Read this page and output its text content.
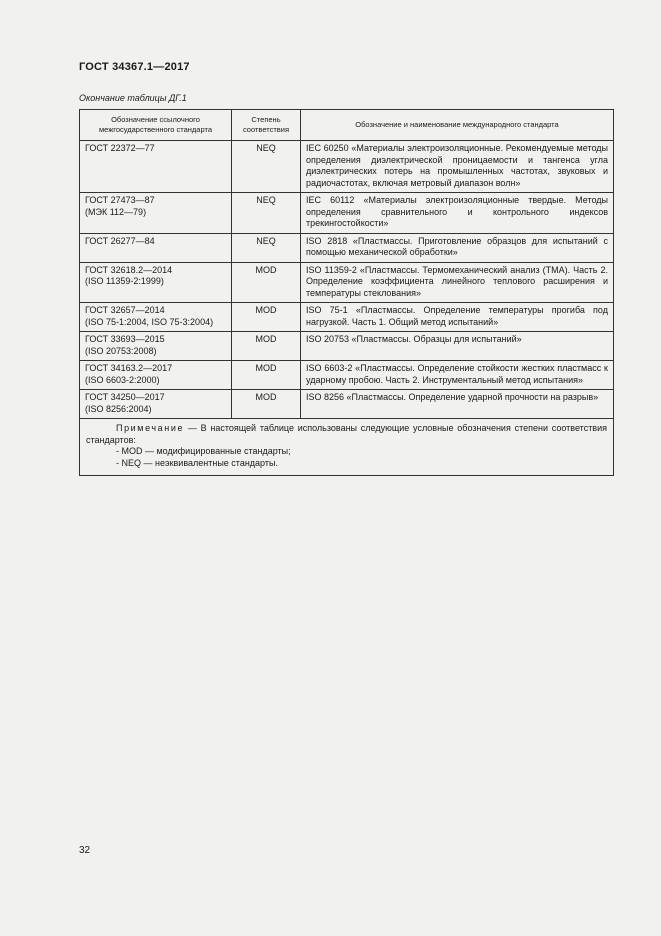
ГОСТ 34367.1—2017
Окончание таблицы ДГ.1
Обозначение ссылочного межгосударственного стандарта	Степень соответствия	Обозначение и наименование международного стандарта

ГОСТ 22372—77	NEQ	IEC 60250 «Материалы электроизоляционные. Рекомендуемые методы определения диэлектрической проницаемости и тангенса угла диэлектрических потерь на промышленных частотах, звуковых и радиочастотах, включая метровый диапазон волн»

ГОСТ 27473—87
(МЭК 112—79)	NEQ	IEC 60112 «Материалы электроизоляционные твердые. Методы определения сравнительного и контрольного индексов трекингостойкости»

ГОСТ 26277—84	NEQ	ISO 2818 «Пластмассы. Приготовление образцов для испытаний с помощью механической обработки»

ГОСТ 32618.2—2014
(ISO 11359-2:1999)	MOD	ISO 11359-2 «Пластмассы. Термомеханический анализ (ТМА). Часть 2. Определение коэффициента линейного теплового расширения и температуры стеклования»

ГОСТ 32657—2014
(ISO 75-1:2004, ISO 75-3:2004)	MOD	ISO 75-1 «Пластмассы. Определение температуры прогиба под нагрузкой. Часть 1. Общий метод испытаний»

ГОСТ 33693—2015
(ISO 20753:2008)	MOD	ISO 20753 «Пластмассы. Образцы для испытаний»

ГОСТ 34163.2—2017
(ISO 6603-2:2000)	MOD	ISO 6603-2 «Пластмассы. Определение стойкости жестких пластмасс к ударному пробою. Часть 2. Инструментальный метод испытания»

ГОСТ 34250—2017
(ISO 8256:2004)	MOD	ISO 8256 «Пластмассы. Определение ударной прочности на разрыв»

Примечание — В настоящей таблице использованы следующие условные обозначения степени соответствия стандартов:
- MOD — модифицированные стандарты;
- NEQ — неэквивалентные стандарты.		
32
